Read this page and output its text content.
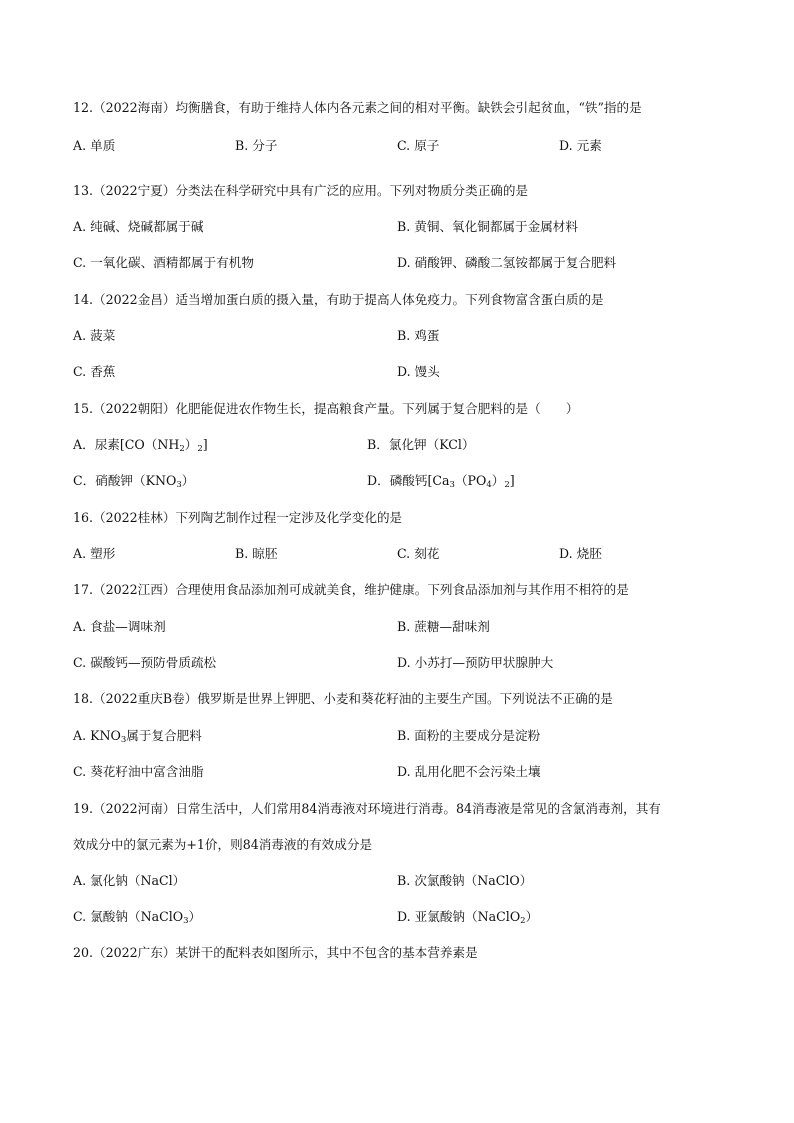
12.（2022海南）均衡膳食，有助于维持人体内各元素之间的相对平衡。缺铁会引起贫血，“铁”指的是
A. 单质	B. 分子	C. 原子	D. 元素
13.（2022宁夏）分类法在科学研究中具有广泛的应用。下列对物质分类正确的是
A. 纯碱、烧碱都属于碱	B. 黄铜、氧化铜都属于金属材料
C. 一氧化碳、酒精都属于有机物	D. 硝酸钾、磷酸二氢铵都属于复合肥料
14.（2022金昌）适当增加蛋白质的摄入量，有助于提高人体免疫力。下列食物富含蛋白质的是
A. 菠菜	B. 鸡蛋
C. 香蕉	D. 馒头
15.（2022朝阳）化肥能促进农作物生长，提高粮食产量。下列属于复合肥料的是（　　）
A．尿素$[CO(NH_2)_2]$	B．氯化钾（KCl）
C．硝酸钾$(KNO_3)$	D．磷酸钙$[Ca_3(PO_4)_2]$
16.（2022桂林）下列陶艺制作过程一定涉及化学变化的是
A. 塑形	B. 晾胚	C. 刻花	D. 烧胚
17.（2022江西）合理使用食品添加剂可成就美食，维护健康。下列食品添加剂与其作用不相符的是
A. 食盐—调味剂	B. 蔗糖—甜味剂
C. 碳酸钙—预防骨质疏松	D. 小苏打—预防甲状腺肿大
18.（2022重庆B卷）俄罗斯是世界上钾肥、小麦和葵花籽油的主要生产国。下列说法不正确的是
A. $KNO_3$属于复合肥料	B. 面粉的主要成分是淀粉
C. 葵花籽油中富含油脂	D. 乱用化肥不会污染土壤
19.（2022河南）日常生活中，人们常用84消毒液对环境进行消毒。84消毒液是常见的含氯消毒剂，其有
效成分中的氯元素为+1价，则84消毒液的有效成分是
A. 氯化钠（NaCl）	B. 次氯酸钠（NaClO）
C. 氯酸钠（NaClO$_3$）	D. 亚氯酸钠（NaClO$_2$）
20.（2022广东）某饼干的配料表如图所示，其中不包含的基本营养素是
